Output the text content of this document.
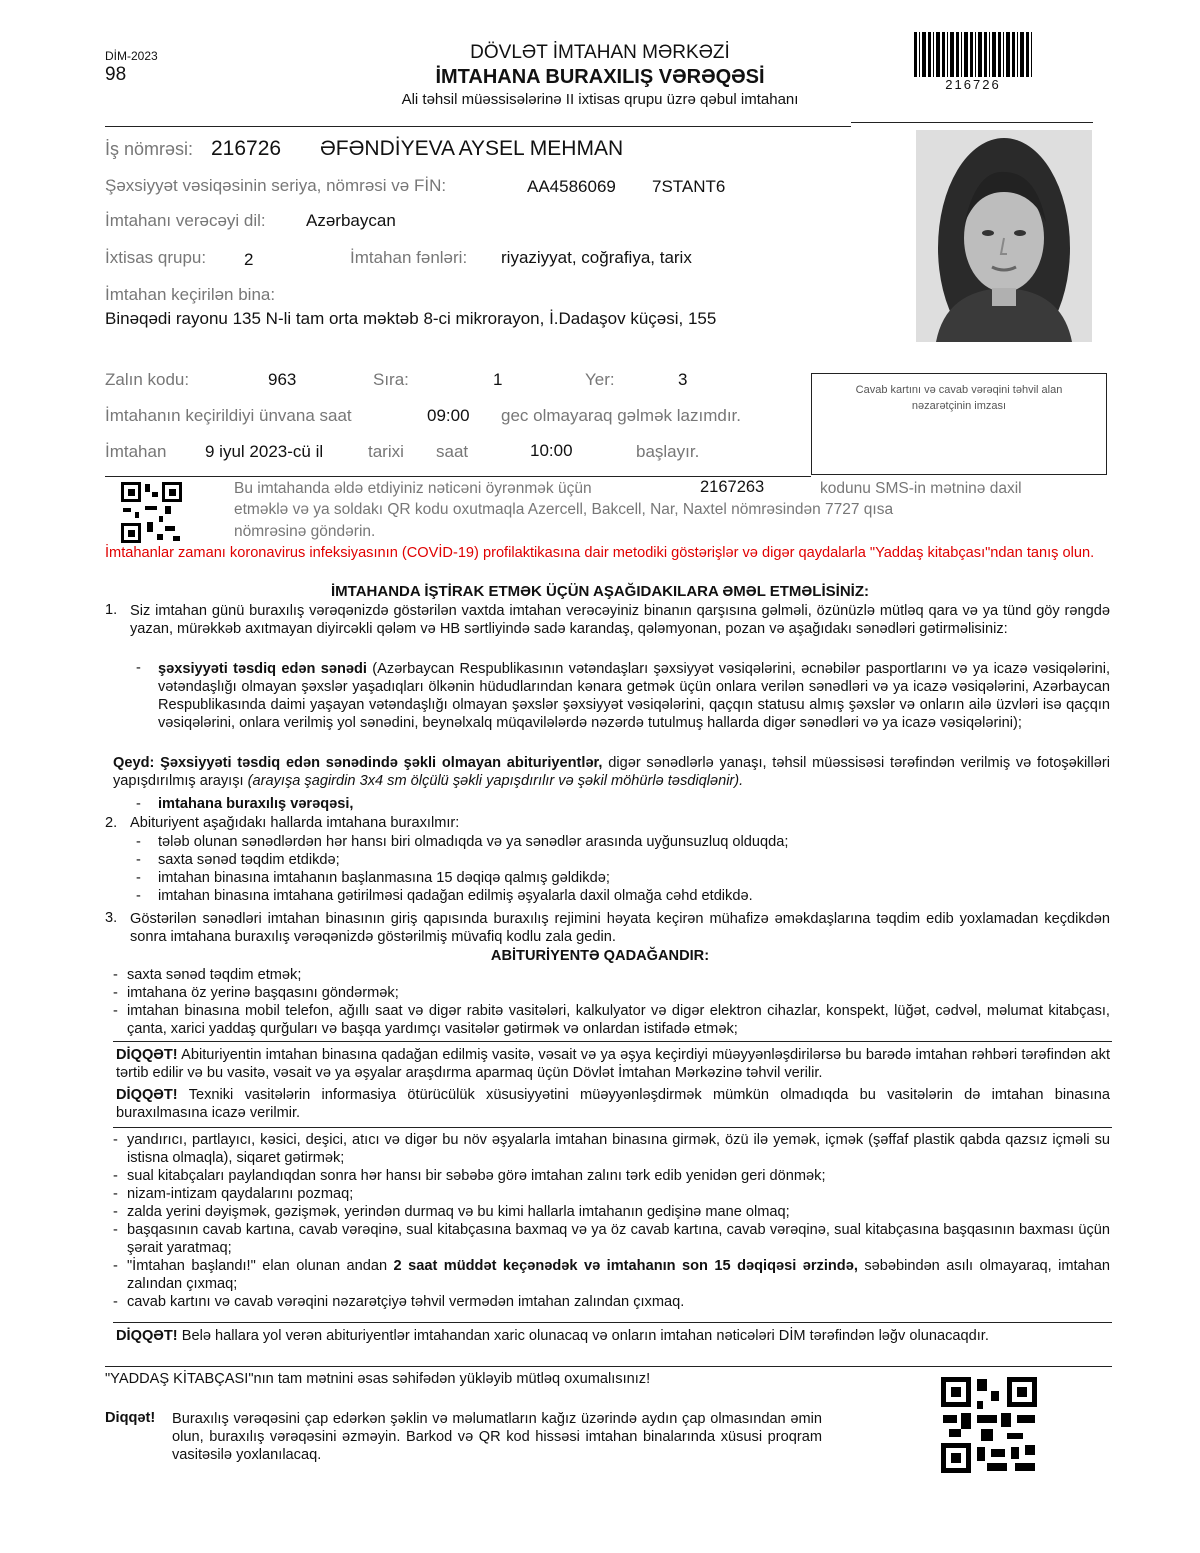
DİM-2023
98
DÖVLƏT İMTAHAN MƏRKƏZİ
İMTAHANA BURAXILIŞ VƏRƏQƏSİ
Ali təhsil müəssisələrinə II ixtisas qrupu üzrə qəbul imtahanı
216726
İş nömrəsi: 216726 ƏFƏNDİYEVA AYSEL MEHMAN
Şəxsiyyət vəsiqəsinin seriya, nömrəsi və FİN:	AA4586069 7STANT6
İmtahanı verəcəyi dil: Azərbaycan
İxtisas qrupu: 2	İmtahan fənləri: riyaziyyat, coğrafiya, tarix
İmtahan keçirilən bina:
Binəqədi rayonu 135 N-li tam orta məktəb 8-ci mikrorayon, İ.Dadaşov küçəsi, 155
Zalın kodu:	963	Sıra:	1	Yer:	3
İmtahanın keçirildiyi ünvana saat	09:00 gec olmayaraq gəlmək lazımdır.
İmtahan 9 iyul 2023-cü il	tarixi saat	10:00	başlayır.
Cavab kartını və cavab vərəqini təhvil alan nəzarətçinin imzası
Bu imtahanda əldə etdiyiniz nəticəni öyrənmək üçün	2167263	kodunu SMS-in mətninə daxil
etməklə və ya soldakı QR kodu oxutmaqla Azercell, Bakcell, Nar, Naxtel nömrəsindən 7727 qısa
nömrəsinə göndərin.

İmtahanlar zamanı koronavirus infeksiyasının (COVİD-19) profilaktikasına dair metodiki göstərişlər və digər qaydalarla "Yaddaş kitabçası"ndan tanış olun.

İMTAHANDA İŞTİRAK ETMƏK ÜÇÜN AŞAĞIDAKILARA ƏMƏL ETMƏLİSİNİZ:
1. Siz imtahan günü buraxılış vərəqənizdə göstərilən vaxtda imtahan verəcəyiniz binanın qarşısına gəlməli, özünüzlə mütləq qara və ya tünd göy rəngdə yazan, mürəkkəb axıtmayan diyircəkli qələm və HB sərtliyində sadə karandaş, qələmyonan, pozan və aşağıdakı sənədləri gətirməlisiniz:

- şəxsiyyəti təsdiq edən sənədi (Azərbaycan Respublikasının vətəndaşları şəxsiyyət vəsiqələrini, əcnəbilər pasportlarını və ya icazə vəsiqələrini, vətəndaşlığı olmayan şəxslər yaşadıqları ölkənin hüdudlarından kənara getmək üçün onlara verilən sənədləri və ya icazə vəsiqələrini, Azərbaycan Respublikasında daimi yaşayan vətəndaşlığı olmayan şəxslər şəxsiyyət vəsiqələrini, qaçqın statusu almış şəxslər və onların ailə üzvləri isə qaçqın vəsiqələrini, onlara verilmiş yol sənədini, beynəlxalq müqavilələrdə nəzərdə tutulmuş hallarda digər sənədləri və ya icazə vəsiqələrini);

Qeyd: Şəxsiyyəti təsdiq edən sənədində şəkli olmayan abituriyentlər, digər sənədlərlə yanaşı, təhsil müəssisəsi tərəfindən verilmiş və fotoşəkilləri yapışdırılmış arayışı (arayışa şagirdin 3x4 sm ölçülü şəkli yapışdırılır və şəkil möhürlə təsdiqlənir).

- imtahana buraxılış vərəqəsi,
2. Abituriyent aşağıdakı hallarda imtahana buraxılmır:
- tələb olunan sənədlərdən hər hansı biri olmadıqda və ya sənədlər arasında uyğunsuzluq olduqda;
- saxta sənəd təqdim etdikdə;
- imtahan binasına imtahanın başlanmasına 15 dəqiqə qalmış gəldikdə;
- imtahan binasına imtahana gətirilməsi qadağan edilmiş əşyalarla daxil olmağa cəhd etdikdə.
3. Göstərilən sənədləri imtahan binasının giriş qapısında buraxılış rejimini həyata keçirən mühafizə əməkdaşlarına təqdim edib yoxlamadan keçdikdən sonra imtahana buraxılış vərəqənizdə göstərilmiş müvafiq kodlu zala gedin.

ABİTURİYENTƏ QADAĞANDIR:
- saxta sənəd təqdim etmək;
- imtahana öz yerinə başqasını göndərmək;
- imtahan binasına mobil telefon, ağıllı saat və digər rabitə vasitələri, kalkulyator və digər elektron cihazlar, konspekt, lüğət, cədvəl, məlumat kitabçası, çanta, xarici yaddaş qurğuları və başqa yardımçı vasitələr gətirmək və onlardan istifadə etmək;

DİQQƏT! Abituriyentin imtahan binasına qadağan edilmiş vasitə, vəsait və ya əşya keçirdiyi müəyyənləşdirilərsə bu barədə imtahan rəhbəri tərəfindən akt tərtib edilir və bu vasitə, vəsait və ya əşyalar araşdırma aparmaq üçün Dövlət İmtahan Mərkəzinə təhvil verilir.

DİQQƏT! Texniki vasitələrin informasiya ötürücülük xüsusiyyətini müəyyənləşdirmək mümkün olmadıqda bu vasitələrin də imtahan binasına buraxılmasına icazə verilmir.

- yandırıcı, partlayıcı, kəsici, deşici, atıcı və digər bu növ əşyalarla imtahan binasına girmək, özü ilə yemək, içmək (şəffaf plastik qabda qazsız içməli su istisna olmaqla), siqaret gətirmək;
- sual kitabçaları paylandıqdan sonra hər hansı bir səbəbə görə imtahan zalını tərk edib yenidən geri dönmək;
- nizam-intizam qaydalarını pozmaq;
- zalda yerini dəyişmək, gəzişmək, yerindən durmaq və bu kimi hallarla imtahanın gedişinə mane olmaq;
- başqasının cavab kartına, cavab vərəqinə, sual kitabçasına baxmaq və ya öz cavab kartına, cavab vərəqinə, sual kitabçasına başqasının baxması üçün şərait yaratmaq;
- "İmtahan başlandı!" elan olunan andan 2 saat müddət keçənədək və imtahanın son 15 dəqiqəsi ərzində, səbəbindən asılı olmayaraq, imtahan zalından çıxmaq;
- cavab kartını və cavab vərəqini nəzarətçiyə təhvil vermədən imtahan zalından çıxmaq.

DİQQƏT! Belə hallara yol verən abituriyentlər imtahandan xaric olunacaq və onların imtahan nəticələri DİM tərəfindən ləğv olunacaqdır.

"YADDAŞ KİTABÇASI"nın tam mətnini əsas səhifədən yükləyib mütləq oxumalısınız!
Diqqət! Buraxılış vərəqəsini çap edərkən şəklin və məlumatların kağız üzərində aydın çap olmasından əmin olun, buraxılış vərəqəsini əzməyin. Barkod və QR kod hissəsi imtahan binalarında xüsusi proqram vasitəsilə yoxlanılacaq.
